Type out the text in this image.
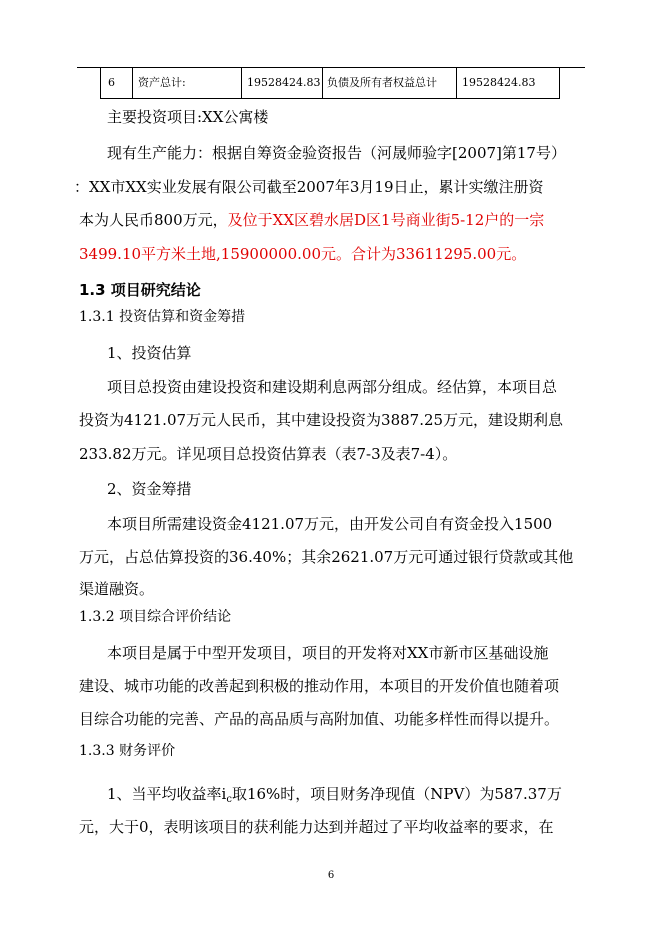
6 资产总计:	19528424.83 负债及所有者权益总计 19528424.83
主要投资项目:XX公寓楼
现有生产能力：根据自筹资金验资报告（河晟师验字[2007]第17号）
：XX市XX实业发展有限公司截至2007年3月19日止，累计实缴注册资
本为人民币800万元，及位于XX区碧水居D区1号商业街5-12户的一宗
3499.10平方米土地,15900000.00元。合计为33611295.00元。
1.3 项目研究结论
1.3.1 投资估算和资金筹措
1、投资估算
项目总投资由建设投资和建设期利息两部分组成。经估算，本项目总
投资为4121.07万元人民币，其中建设投资为3887.25万元，建设期利息
233.82万元。详见项目总投资估算表（表7-3及表7-4）。
2、资金筹措
本项目所需建设资金4121.07万元，由开发公司自有资金投入1500
万元，占总估算投资的36.40%；其余2621.07万元可通过银行贷款或其他
渠道融资。
1.3.2 项目综合评价结论
本项目是属于中型开发项目，项目的开发将对XX市新市区基础设施
建设、城市功能的改善起到积极的推动作用，本项目的开发价值也随着项
目综合功能的完善、产品的高品质与高附加值、功能多样性而得以提升。
1.3.3 财务评价
1、当平均收益率$i_c$取16%时，项目财务净现值（NPV）为587.37万
元，大于0，表明该项目的获利能力达到并超过了平均收益率的要求，在
6
